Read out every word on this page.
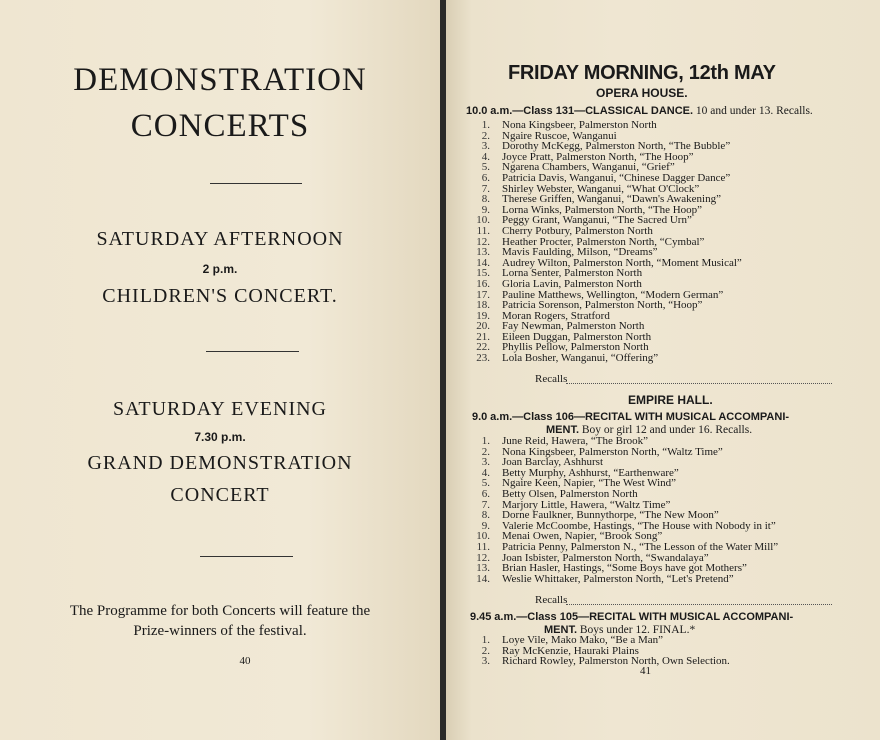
DEMONSTRATION
CONCERTS
SATURDAY AFTERNOON
2 p.m.
CHILDREN'S CONCERT.
SATURDAY EVENING
7.30 p.m.
GRAND DEMONSTRATION
CONCERT
The Programme for both Concerts will feature the
Prize-winners of the festival.
40
FRIDAY MORNING, 12th MAY
OPERA HOUSE.
10.0 a.m.—Class 131—CLASSICAL DANCE. 10 and under 13. Recalls.
1.	Nona Kingsbeer, Palmerston North
2.	Ngaire Ruscoe, Wanganui
3.	Dorothy McKegg, Palmerston North, “The Bubble”
4.	Joyce Pratt, Palmerston North, “The Hoop”
5.	Ngarena Chambers, Wanganui, “Grief”
6.	Patricia Davis, Wanganui, “Chinese Dagger Dance”
7.	Shirley Webster, Wanganui, “What O'Clock”
8.	Therese Griffen, Wanganui, “Dawn's Awakening”
9.	Lorna Winks, Palmerston North, “The Hoop”
10.	Peggy Grant, Wanganui, “The Sacred Urn”
11.	Cherry Potbury, Palmerston North
12.	Heather Procter, Palmerston North, “Cymbal”
13.	Mavis Faulding, Milson, “Dreams”
14.	Audrey Wilton, Palmerston North, “Moment Musical”
15.	Lorna Senter, Palmerston North
16.	Gloria Lavin, Palmerston North
17.	Pauline Matthews, Wellington, “Modern German”
18.	Patricia Sorenson, Palmerston North, “Hoop”
19.	Moran Rogers, Stratford
20.	Fay Newman, Palmerston North
21.	Eileen Duggan, Palmerston North
22.	Phyllis Pellow, Palmerston North
23.	Lola Bosher, Wanganui, “Offering”
Recalls
EMPIRE HALL.
9.0 a.m.—Class 106—RECITAL WITH MUSICAL ACCOMPANI-
MENT. Boy or girl 12 and under 16. Recalls.
1.	June Reid, Hawera, “The Brook”
2.	Nona Kingsbeer, Palmerston North, “Waltz Time”
3.	Joan Barclay, Ashhurst
4.	Betty Murphy, Ashhurst, “Earthenware”
5.	Ngaire Keen, Napier, “The West Wind”
6.	Betty Olsen, Palmerston North
7.	Marjory Little, Hawera, “Waltz Time”
8.	Dorne Faulkner, Bunnythorpe, “The New Moon”
9.	Valerie McCoombe, Hastings, “The House with Nobody in it”
10.	Menai Owen, Napier, “Brook Song”
11.	Patricia Penny, Palmerston N., “The Lesson of the Water Mill”
12.	Joan Isbister, Palmerston North, “Swandalaya”
13.	Brian Hasler, Hastings, “Some Boys have got Mothers”
14.	Weslie Whittaker, Palmerston North, “Let's Pretend”
Recalls
9.45 a.m.—Class 105—RECITAL WITH MUSICAL ACCOMPANI-
MENT. Boys under 12. FINAL.*
1.	Loye Vile, Mako Mako, “Be a Man”
2.	Ray McKenzie, Hauraki Plains
3.	Richard Rowley, Palmerston North, Own Selection.
41
